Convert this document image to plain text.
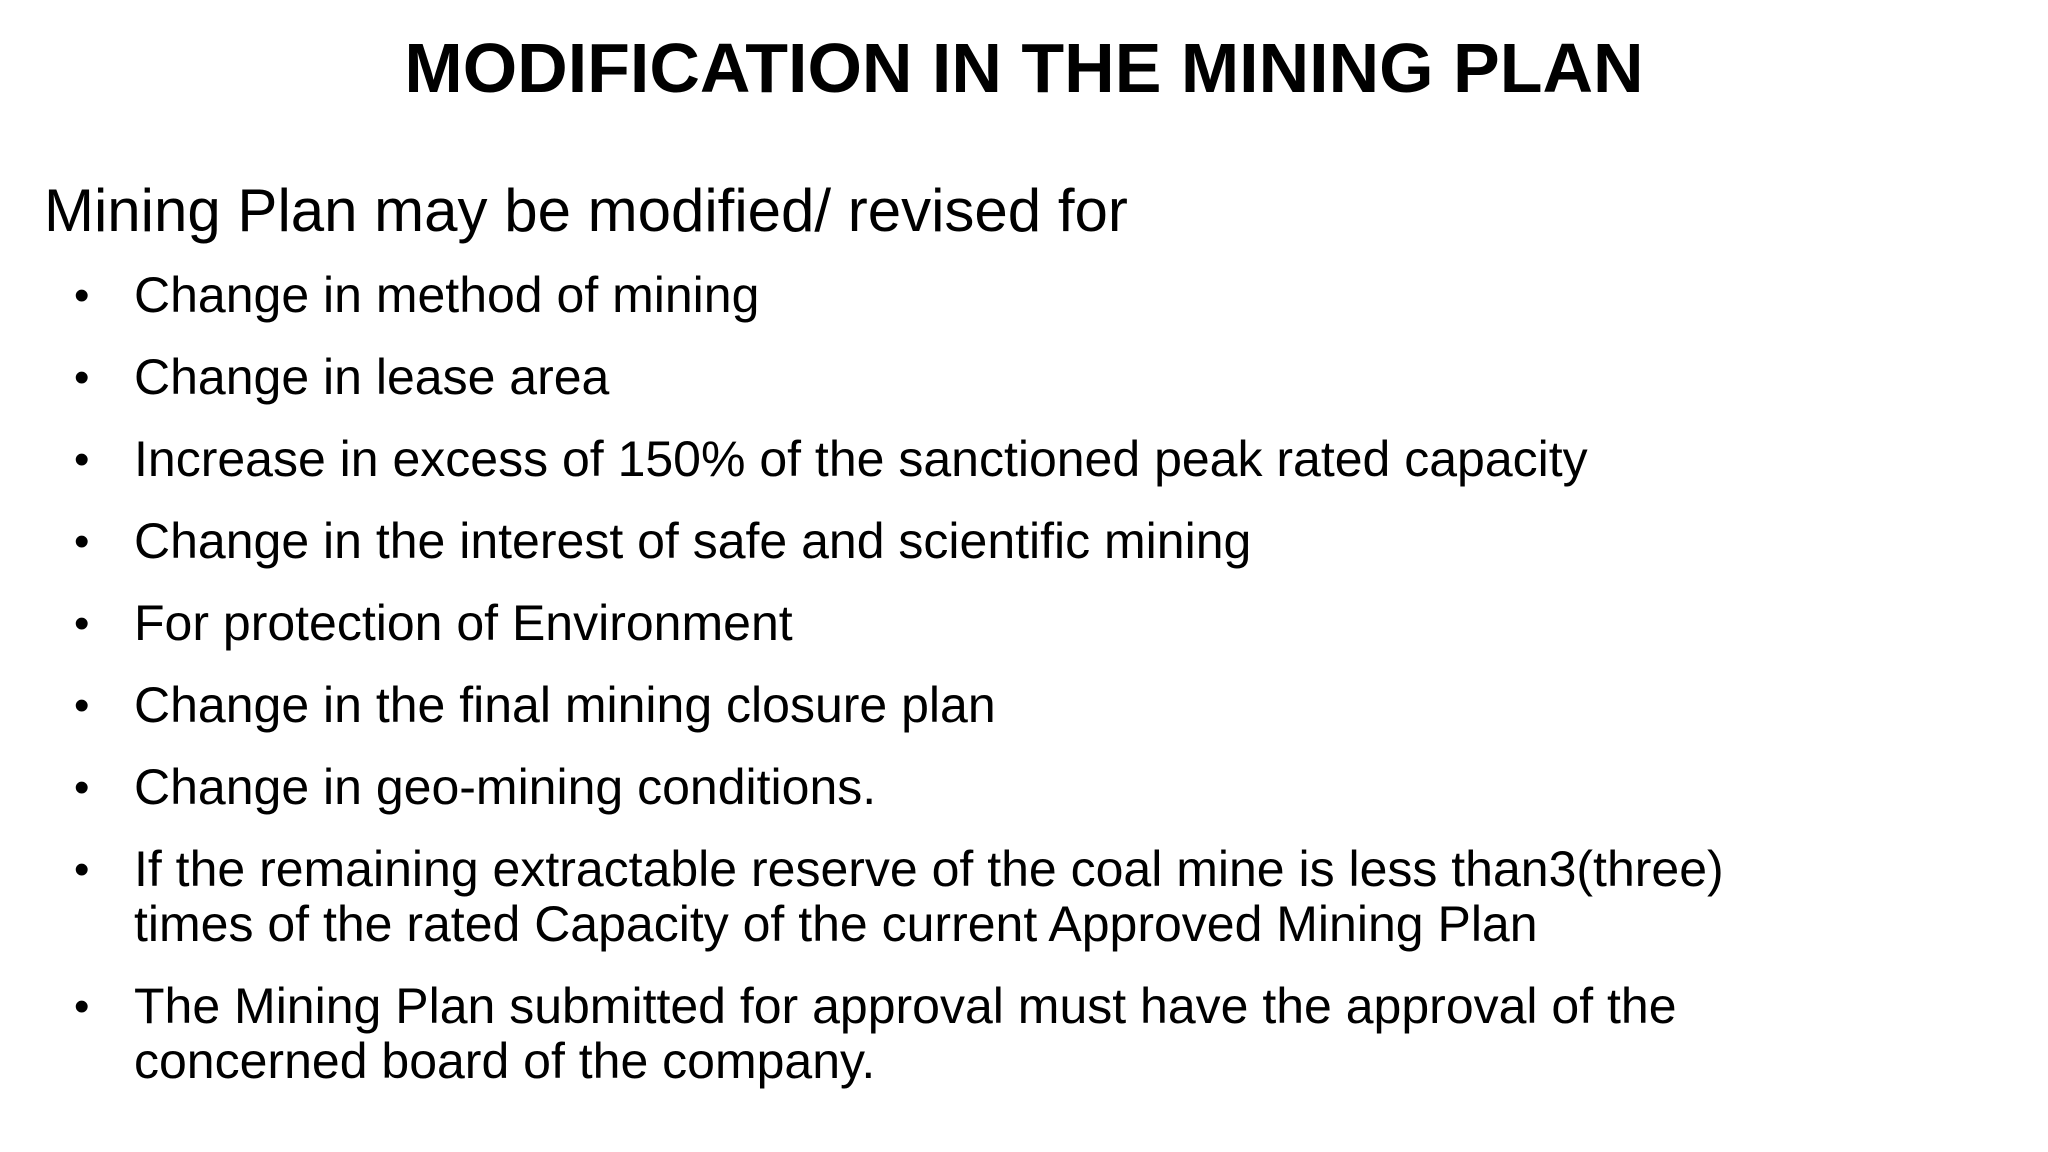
MODIFICATION IN THE MINING PLAN
Mining Plan may be modified/ revised for
• Change in method of mining
• Change in lease area
• Increase in excess of 150% of the sanctioned peak rated capacity
• Change in the interest of safe and scientific mining
• For protection of Environment
• Change in the final mining closure plan
• Change in geo-mining conditions.
• If the remaining extractable reserve of the coal mine is less than3(three)
times of the rated Capacity of the current Approved Mining Plan
• The Mining Plan submitted for approval must have the approval of the
concerned board of the company.
